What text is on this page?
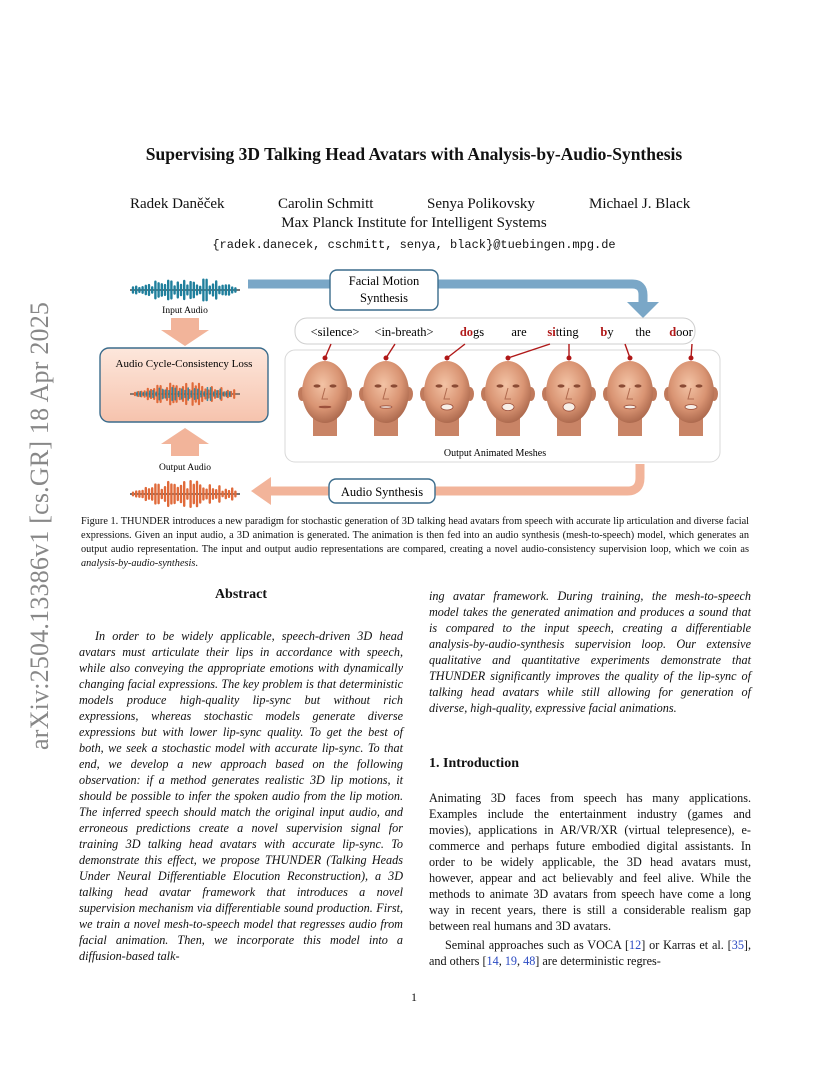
Supervising 3D Talking Head Avatars with Analysis-by-Audio-Synthesis
Radek Daněček	Carolin Schmitt	Senya Polikovsky	Michael J. Black
Max Planck Institute for Intelligent Systems
{radek.danecek, cschmitt, senya, black}@tuebingen.mpg.de
arXiv:2504.13386v1 [cs.GR] 18 Apr 2025	Input Audio
Facial Motion
Synthesis
Audio Cycle-Consistency Loss
Output Audio
Output Animated Meshes
<silence> <in-breath> dogs are sitting by the door
Audio Synthesis
Figure 1. THUNDER introduces a new paradigm for stochastic generation of 3D talking head avatars from speech with accurate lip articulation and diverse facial expressions. Given an input audio, a 3D animation is generated. The animation is then fed into an audio synthesis (mesh-to-speech) model, which generates an output audio representation. The input and output audio representations are compared, creating a novel audio-consistency supervision loop, which we coin as analysis-by-audio-synthesis.
Abstract
In order to be widely applicable, speech-driven 3D head avatars must articulate their lips in accordance with speech, while also conveying the appropriate emotions with dynamically changing facial expressions. The key problem is that deterministic models produce high-quality lip-sync but without rich expressions, whereas stochastic models generate diverse expressions but with lower lip-sync quality. To get the best of both, we seek a stochastic model with accurate lip-sync. To that end, we develop a new approach based on the following observation: if a method generates realistic 3D lip motions, it should be possible to infer the spoken audio from the lip motion. The inferred speech should match the original input audio, and erroneous predictions create a novel supervision signal for training 3D talking head avatars with accurate lip-sync. To demonstrate this effect, we propose THUNDER (Talking Heads Under Neural Differentiable Elocution Reconstruction), a 3D talking head avatar framework that introduces a novel supervision mechanism via differentiable sound production. First, we train a novel mesh-to-speech model that regresses audio from facial animation. Then, we incorporate this model into a diffusion-based talk-
ing avatar framework. During training, the mesh-to-speech model takes the generated animation and produces a sound that is compared to the input speech, creating a differentiable analysis-by-audio-synthesis supervision loop. Our extensive qualitative and quantitative experiments demonstrate that THUNDER significantly improves the quality of the lip-sync of talking head avatars while still allowing for generation of diverse, high-quality, expressive facial animations.
1. Introduction
Animating 3D faces from speech has many applications. Examples include the entertainment industry (games and movies), applications in AR/VR/XR (virtual telepresence), e-commerce and perhaps future embodied digital assistants. In order to be widely applicable, the 3D head avatars must, however, appear and act believably and feel alive. While the methods to animate 3D avatars from speech have come a long way in recent years, there is still a considerable realism gap between real humans and 3D avatars.
Seminal approaches such as VOCA [12] or Karras et al. [35], and others [14, 19, 48] are deterministic regres-
1
